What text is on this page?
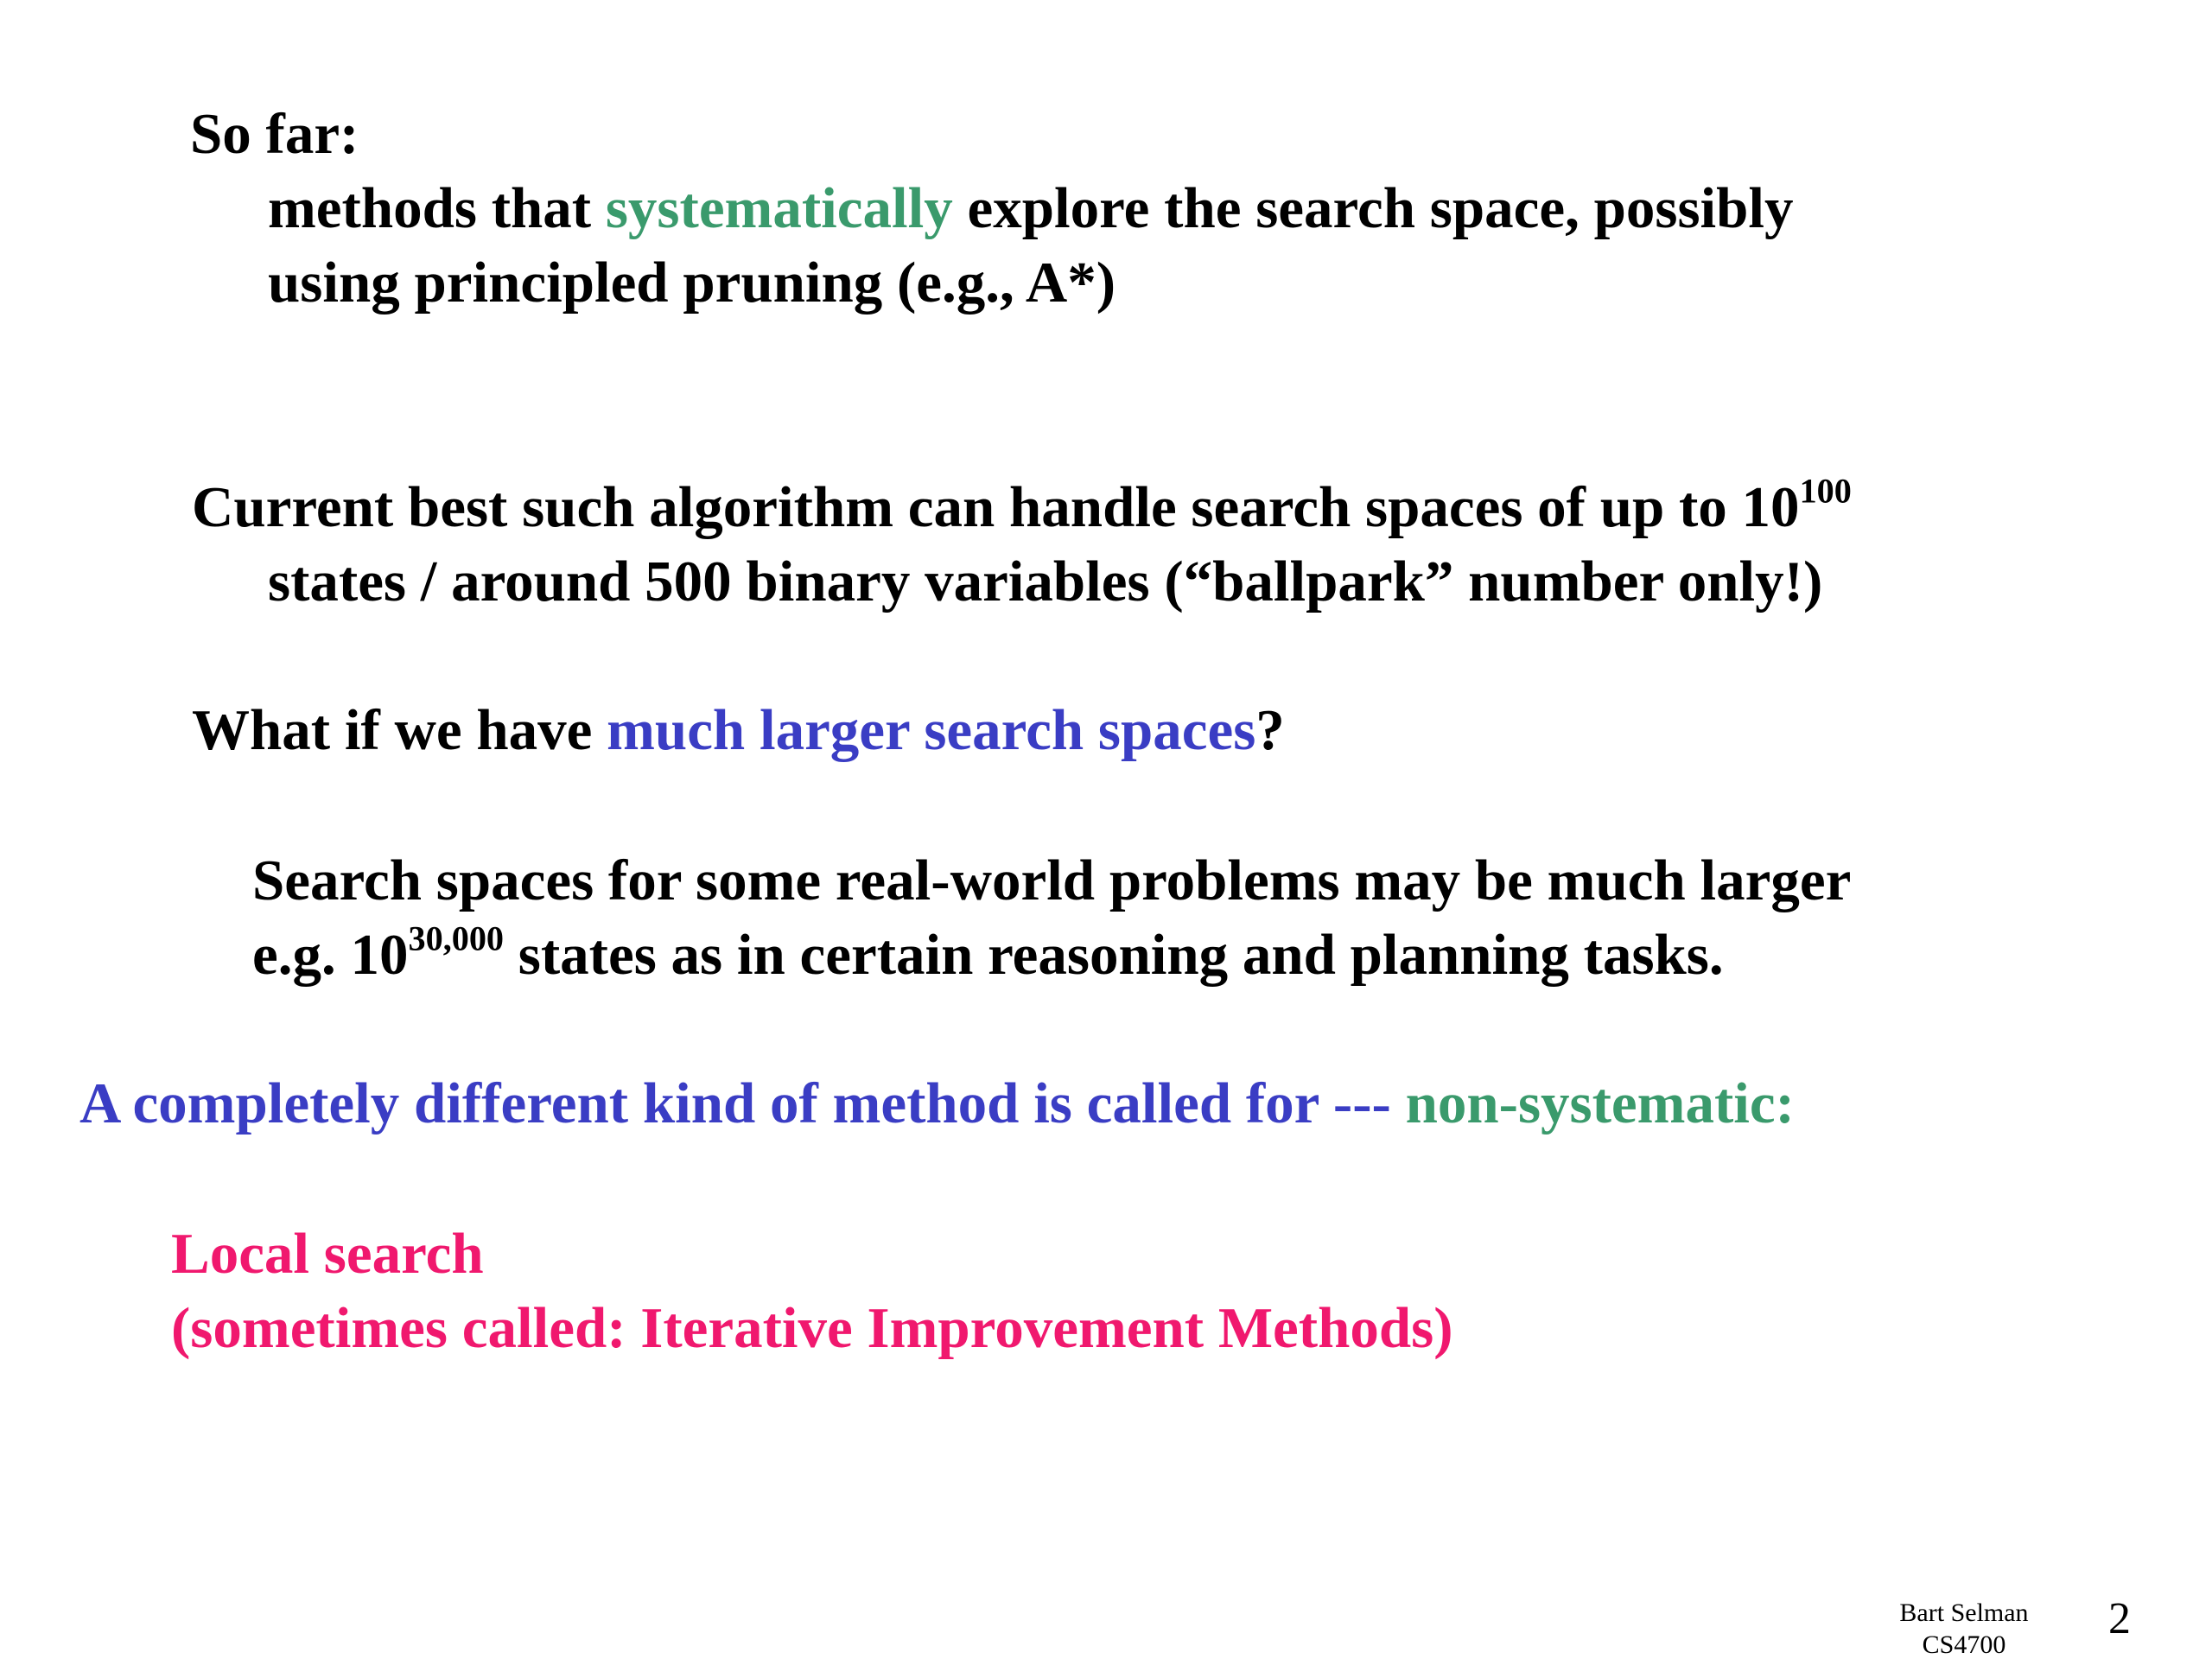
So far:
methods that systematically explore the search space, possibly
using principled pruning (e.g., A*)
Current best such algorithm can handle search spaces of up to $10^{100}$
states / around 500 binary variables (“ballpark” number only!)
What if we have much larger search spaces?
Search spaces for some real-world problems may be much larger
e.g. 10$^{30,000}$ states as in certain reasoning and planning tasks.
A completely different kind of method is called for --- non-systematic:
Local search
(sometimes called: Iterative Improvement Methods)
Bart Selman
CS4700
2
